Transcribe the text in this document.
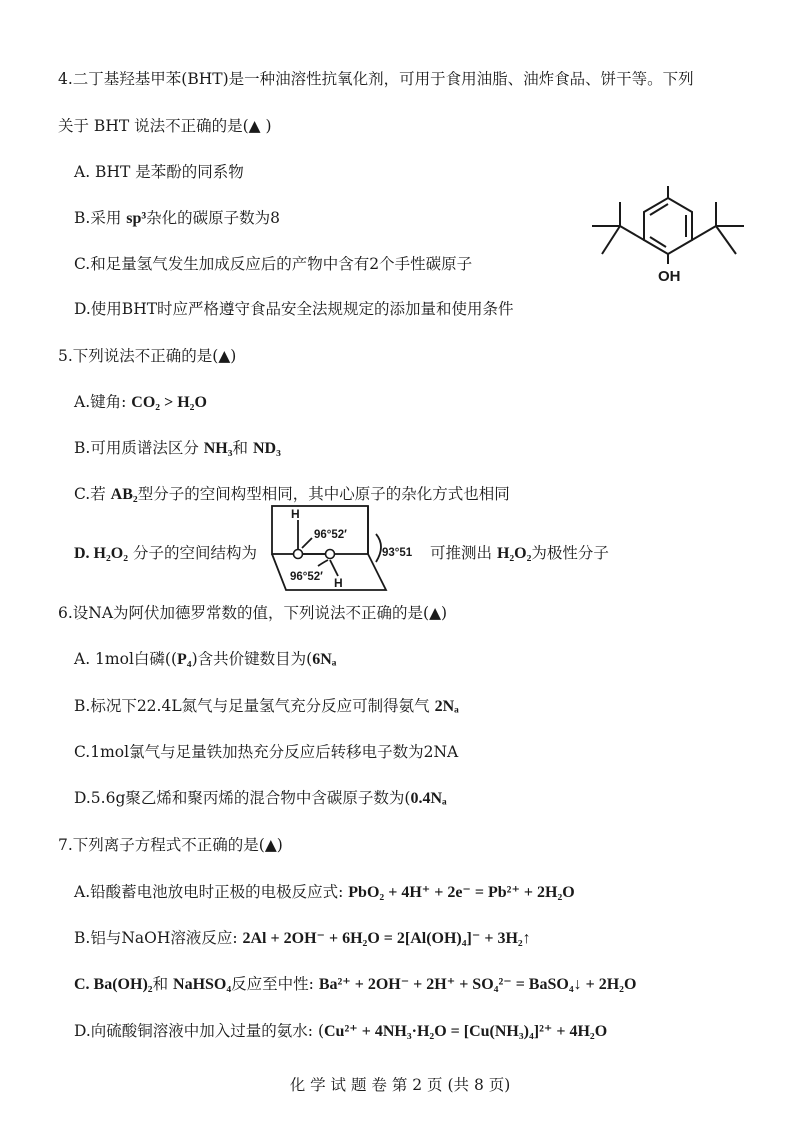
4.二丁基羟基甲苯(BHT)是一种油溶性抗氧化剂，可用于食用油脂、油炸食品、饼干等。下列
关于 BHT 说法不正确的是(▲ )
A. BHT 是苯酚的同系物
B.采用 sp³杂化的碳原子数为8
C.和足量氢气发生加成反应后的产物中含有2个手性碳原子
D.使用BHT时应严格遵守食品安全法规规定的添加量和使用条件
OH
5.下列说法不正确的是(▲)
A.键角: CO₂ > H₂O
B.可用质谱法区分 NH₃和 ND₃
C.若 AB₂型分子的空间构型相同，其中心原子的杂化方式也相同
D. H₂O₂ 分子的空间结构为	可推测出 H₂O₂为极性分子
H
H
96°52′
96°52′
93°51
6.设NA为阿伏加德罗常数的值，下列说法不正确的是(▲)
A. 1mol白磷((P₄)含共价键数目为(6Nₐ
B.标况下22.4L氮气与足量氢气充分反应可制得氨气 2Nₐ
C.1mol氯气与足量铁加热充分反应后转移电子数为2NA
D.5.6g聚乙烯和聚丙烯的混合物中含碳原子数为(0.4Nₐ
7.下列离子方程式不正确的是(▲)
A.铅酸蓄电池放电时正极的电极反应式: PbO₂ + 4H⁺ + 2e⁻ = Pb²⁺ + 2H₂O
B.铝与NaOH溶液反应: 2Al + 2OH⁻ + 6H₂O = 2[Al(OH)₄]⁻ + 3H₂↑
C. Ba(OH)₂和 NaHSO₄反应至中性: Ba²⁺ + 2OH⁻ + 2H⁺ + SO₄²⁻ = BaSO₄↓ + 2H₂O
D.向硫酸铜溶液中加入过量的氨水: (Cu²⁺ + 4NH₃·H₂O = [Cu(NH₃)₄]²⁺ + 4H₂O
化 学 试 题 卷 第 2 页 (共 8 页)
